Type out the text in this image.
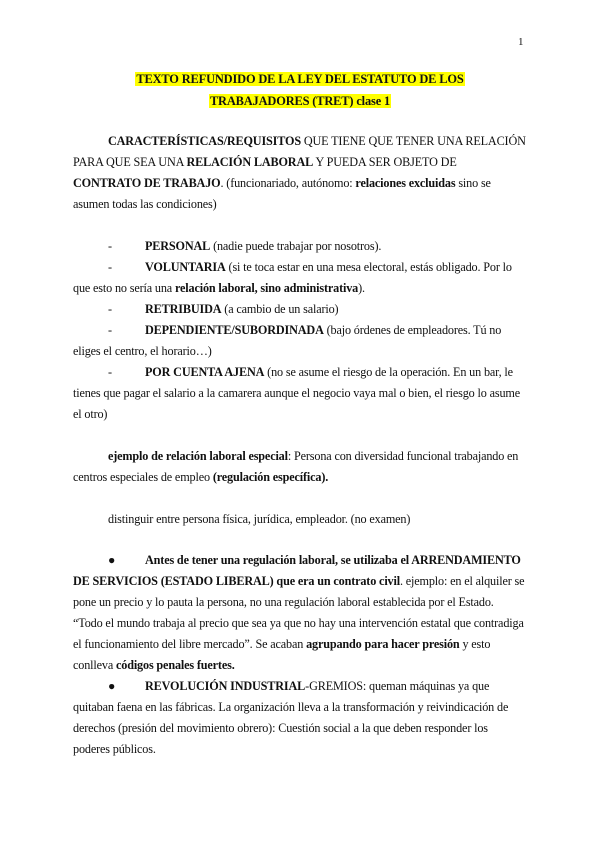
1
TEXTO REFUNDIDO DE LA LEY DEL ESTATUTO DE LOS
TRABAJADORES (TRET) clase 1

CARACTERÍSTICAS/REQUISITOS QUE TIENE QUE TENER UNA RELACIÓN PARA QUE SEA UNA RELACIÓN LABORAL Y PUEDA SER OBJETO DE CONTRATO DE TRABAJO. (funcionariado, autónomo: relaciones excluidas sino se asumen todas las condiciones)

-	PERSONAL (nadie puede trabajar por nosotros).

-	VOLUNTARIA (si te toca estar en una mesa electoral, estás obligado. Por lo que esto no sería una relación laboral, sino administrativa).

-	RETRIBUIDA (a cambio de un salario)

-	DEPENDIENTE/SUBORDINADA (bajo órdenes de empleadores. Tú no eliges el centro, el horario…)

-	POR CUENTA AJENA (no se asume el riesgo de la operación. En un bar, le tienes que pagar el salario a la camarera aunque el negocio vaya mal o bien, el riesgo lo asume el otro)

ejemplo de relación laboral especial: Persona con diversidad funcional trabajando en centros especiales de empleo (regulación específica).

distinguir entre persona física, jurídica, empleador. (no examen)

● Antes de tener una regulación laboral, se utilizaba el ARRENDAMIENTO DE SERVICIOS (ESTADO LIBERAL) que era un contrato civil. ejemplo: en el alquiler se pone un precio y lo pauta la persona, no una regulación laboral establecida por el Estado. “Todo el mundo trabaja al precio que sea ya que no hay una intervención estatal que contradiga el funcionamiento del libre mercado”. Se acaban agrupando para hacer presión y esto conlleva códigos penales fuertes.

● REVOLUCIÓN INDUSTRIAL-GREMIOS: queman máquinas ya que quitaban faena en las fábricas. La organización lleva a la transformación y reivindicación de derechos (presión del movimiento obrero): Cuestión social a la que deben responder los poderes públicos.
